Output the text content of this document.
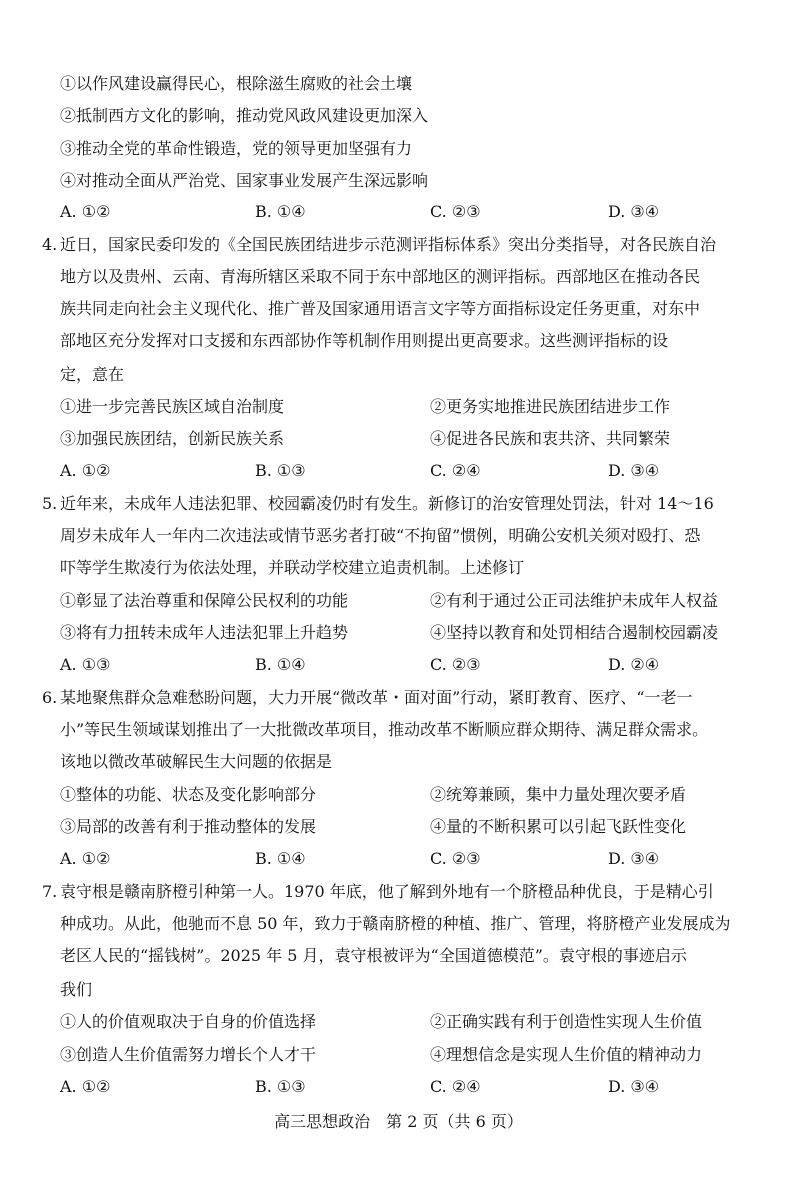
①以作风建设赢得民心，根除滋生腐败的社会土壤
②抵制西方文化的影响，推动党风政风建设更加深入
③推动全党的革命性锻造，党的领导更加坚强有力
④对推动全面从严治党、国家事业发展产生深远影响
A. ①②	B. ①④	C. ②③	D. ③④
4. 近日，国家民委印发的《全国民族团结进步示范测评指标体系》突出分类指导，对各民族自治
地方以及贵州、云南、青海所辖区采取不同于东中部地区的测评指标。西部地区在推动各民
族共同走向社会主义现代化、推广普及国家通用语言文字等方面指标设定任务更重，对东中
部地区充分发挥对口支援和东西部协作等机制作用则提出更高要求。这些测评指标的设
定，意在
①进一步完善民族区域自治制度	②更务实地推进民族团结进步工作
③加强民族团结，创新民族关系	④促进各民族和衷共济、共同繁荣
A. ①②	B. ①③	C. ②④	D. ③④
5. 近年来，未成年人违法犯罪、校园霸凌仍时有发生。新修订的治安管理处罚法，针对 14～16
周岁未成年人一年内二次违法或情节恶劣者打破“不拘留”惯例，明确公安机关须对殴打、恐
吓等学生欺凌行为依法处理，并联动学校建立追责机制。上述修订
①彰显了法治尊重和保障公民权利的功能	②有利于通过公正司法维护未成年人权益
③将有力扭转未成年人违法犯罪上升趋势	④坚持以教育和处罚相结合遏制校园霸凌
A. ①③	B. ①④	C. ②③	D. ②④
6. 某地聚焦群众急难愁盼问题，大力开展“微改革・面对面”行动，紧盯教育、医疗、“一老一
小”等民生领域谋划推出了一大批微改革项目，推动改革不断顺应群众期待、满足群众需求。
该地以微改革破解民生大问题的依据是
①整体的功能、状态及变化影响部分	②统筹兼顾，集中力量处理次要矛盾
③局部的改善有利于推动整体的发展	④量的不断积累可以引起飞跃性变化
A. ①②	B. ①④	C. ②③	D. ③④
7. 袁守根是赣南脐橙引种第一人。1970 年底，他了解到外地有一个脐橙品种优良，于是精心引
种成功。从此，他驰而不息 50 年，致力于赣南脐橙的种植、推广、管理，将脐橙产业发展成为
老区人民的“摇钱树”。2025 年 5 月，袁守根被评为“全国道德模范”。袁守根的事迹启示
我们
①人的价值观取决于自身的价值选择	②正确实践有利于创造性实现人生价值
③创造人生价值需努力增长个人才干	④理想信念是实现人生价值的精神动力
A. ①②	B. ①③	C. ②④	D. ③④
高三思想政治　第 2 页（共 6 页）
